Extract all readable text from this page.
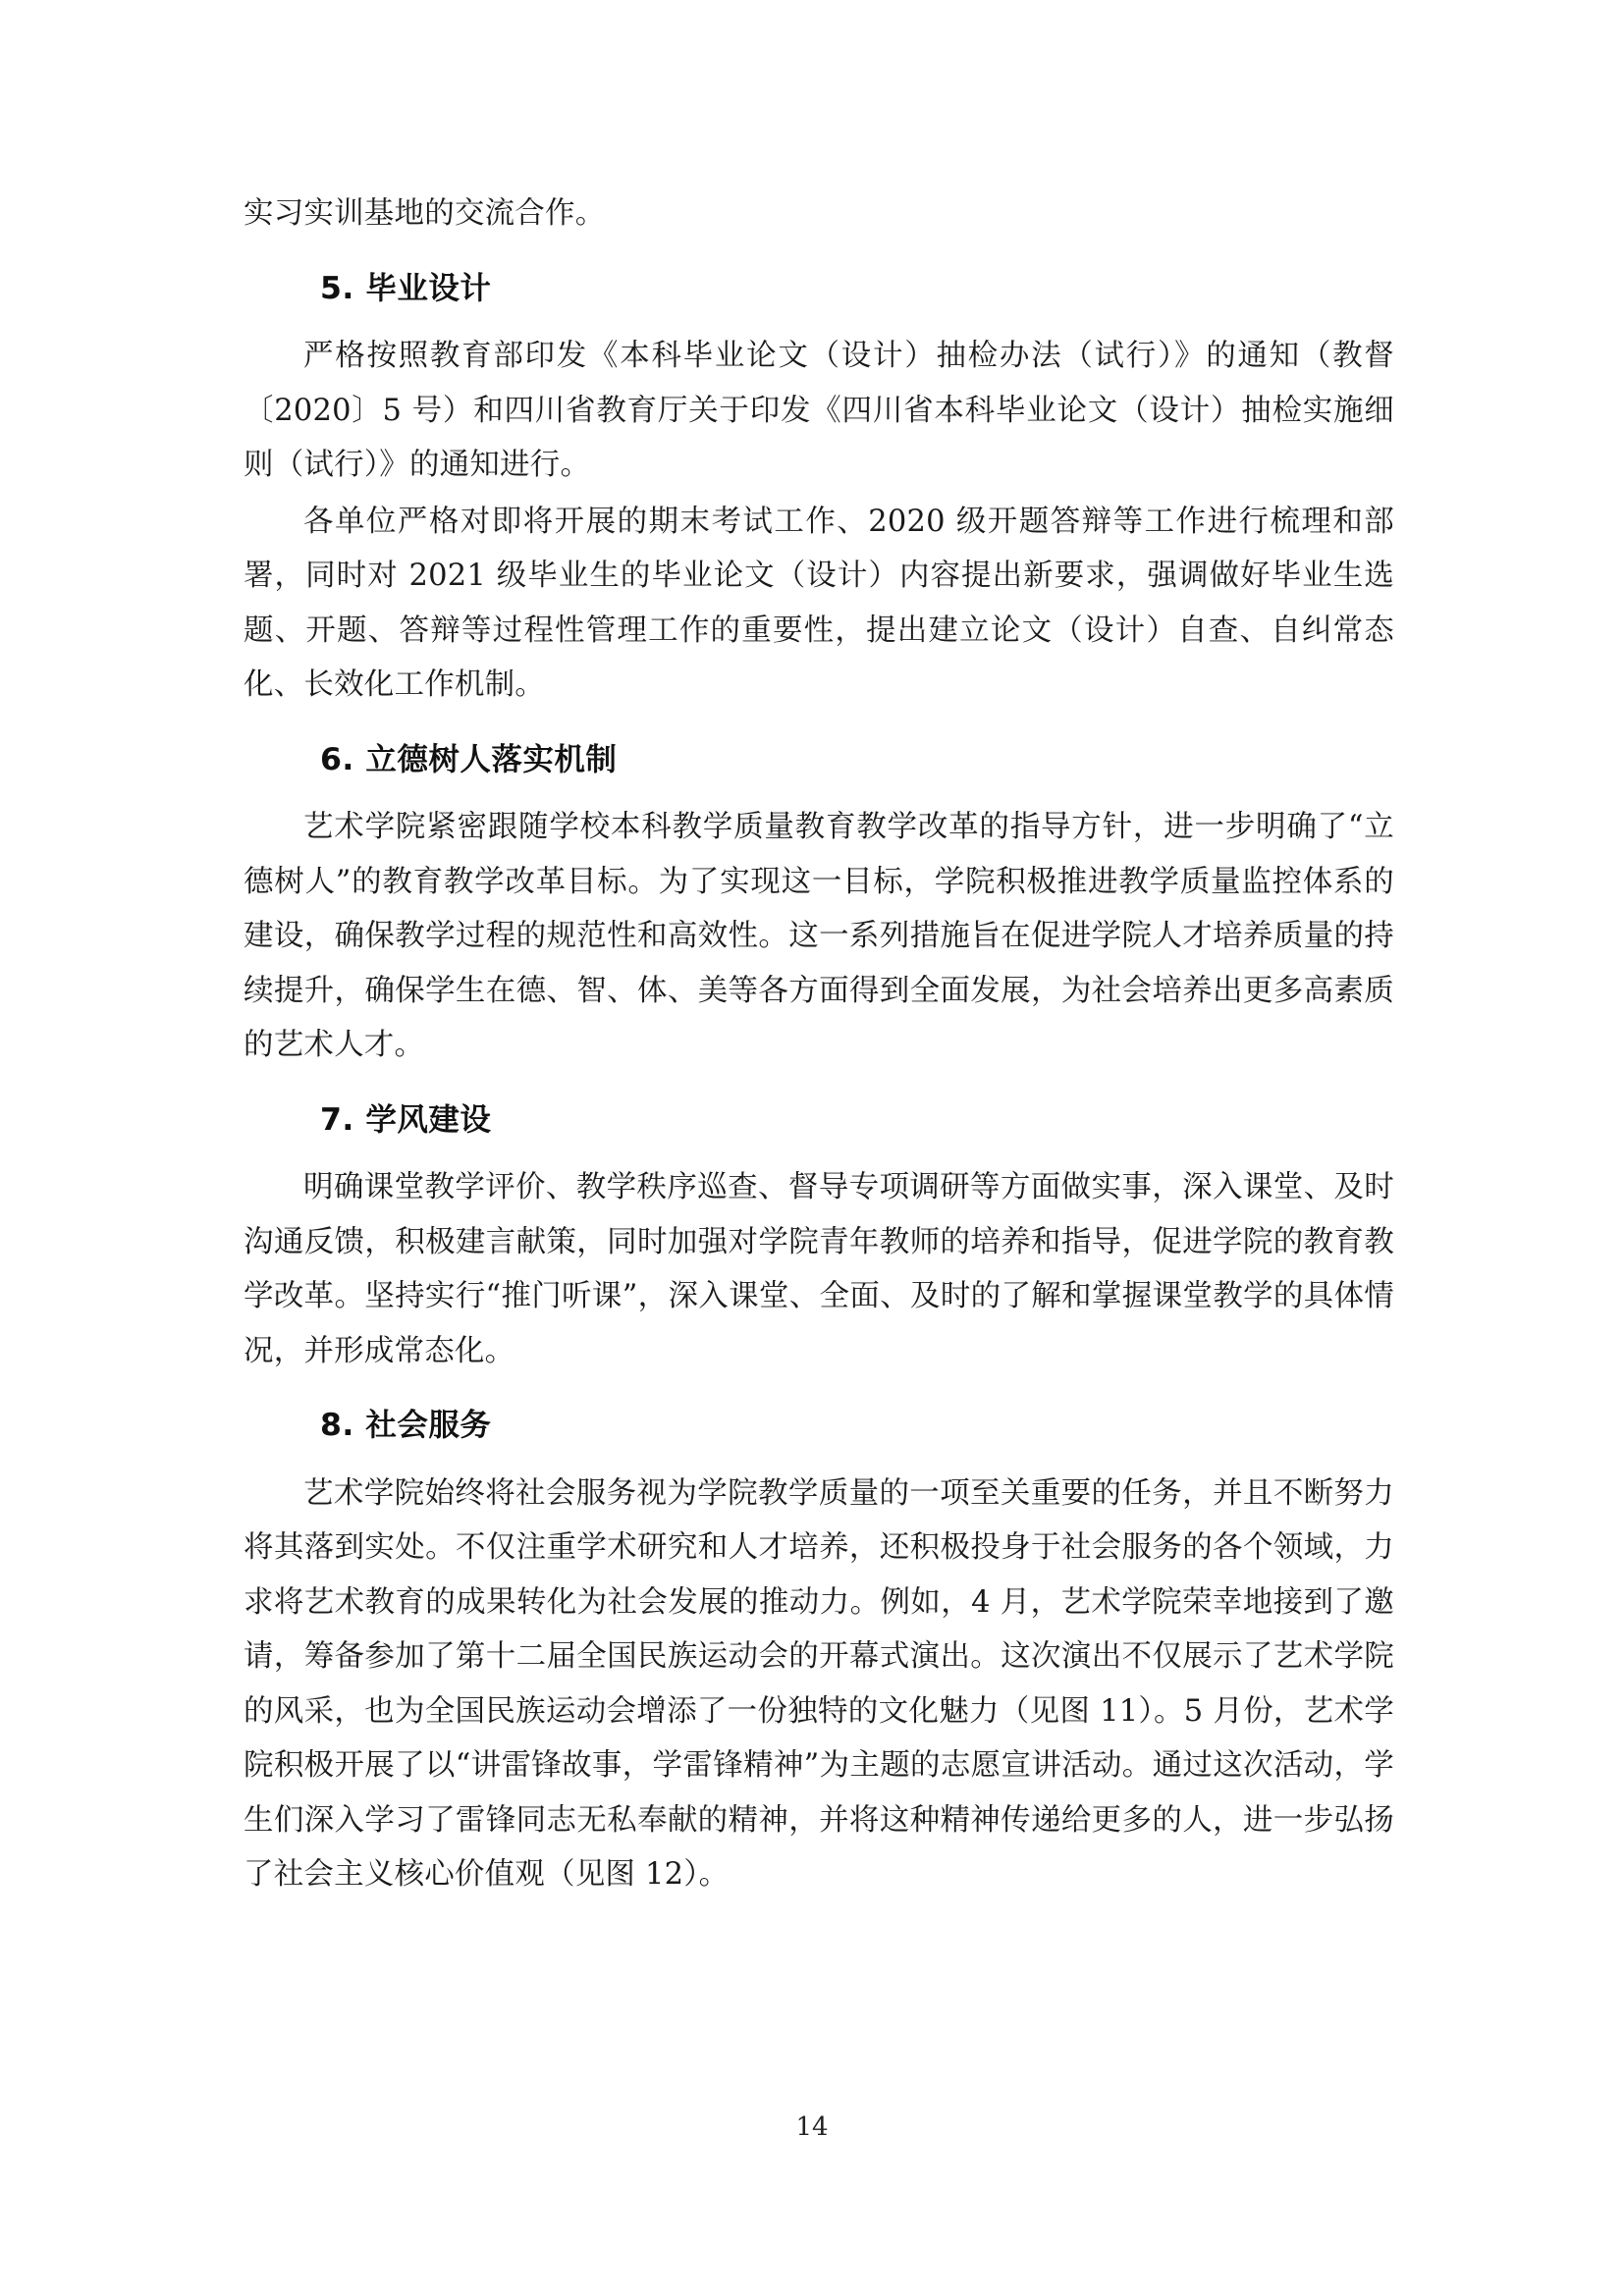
实习实训基地的交流合作。

5. 毕业设计

严格按照教育部印发《本科毕业论文（设计）抽检办法（试行）》的通知（教督〔2020〕5 号）和四川省教育厅关于印发《四川省本科毕业论文（设计）抽检实施细则（试行）》的通知进行。

各单位严格对即将开展的期末考试工作、2020 级开题答辩等工作进行梳理和部署，同时对 2021 级毕业生的毕业论文（设计）内容提出新要求，强调做好毕业生选题、开题、答辩等过程性管理工作的重要性，提出建立论文（设计）自查、自纠常态化、长效化工作机制。

6. 立德树人落实机制

艺术学院紧密跟随学校本科教学质量教育教学改革的指导方针，进一步明确了“立德树人”的教育教学改革目标。为了实现这一目标，学院积极推进教学质量监控体系的建设，确保教学过程的规范性和高效性。这一系列措施旨在促进学院人才培养质量的持续提升，确保学生在德、智、体、美等各方面得到全面发展，为社会培养出更多高素质的艺术人才。

7. 学风建设

明确课堂教学评价、教学秩序巡查、督导专项调研等方面做实事，深入课堂、及时沟通反馈，积极建言献策，同时加强对学院青年教师的培养和指导，促进学院的教育教学改革。坚持实行“推门听课”，深入课堂、全面、及时的了解和掌握课堂教学的具体情况，并形成常态化。

8. 社会服务

艺术学院始终将社会服务视为学院教学质量的一项至关重要的任务，并且不断努力将其落到实处。不仅注重学术研究和人才培养，还积极投身于社会服务的各个领域，力求将艺术教育的成果转化为社会发展的推动力。例如，4 月，艺术学院荣幸地接到了邀请，筹备参加了第十二届全国民族运动会的开幕式演出。这次演出不仅展示了艺术学院的风采，也为全国民族运动会增添了一份独特的文化魅力（见图 11）。5 月份，艺术学院积极开展了以“讲雷锋故事，学雷锋精神”为主题的志愿宣讲活动。通过这次活动，学生们深入学习了雷锋同志无私奉献的精神，并将这种精神传递给更多的人，进一步弘扬了社会主义核心价值观（见图 12）。

14
